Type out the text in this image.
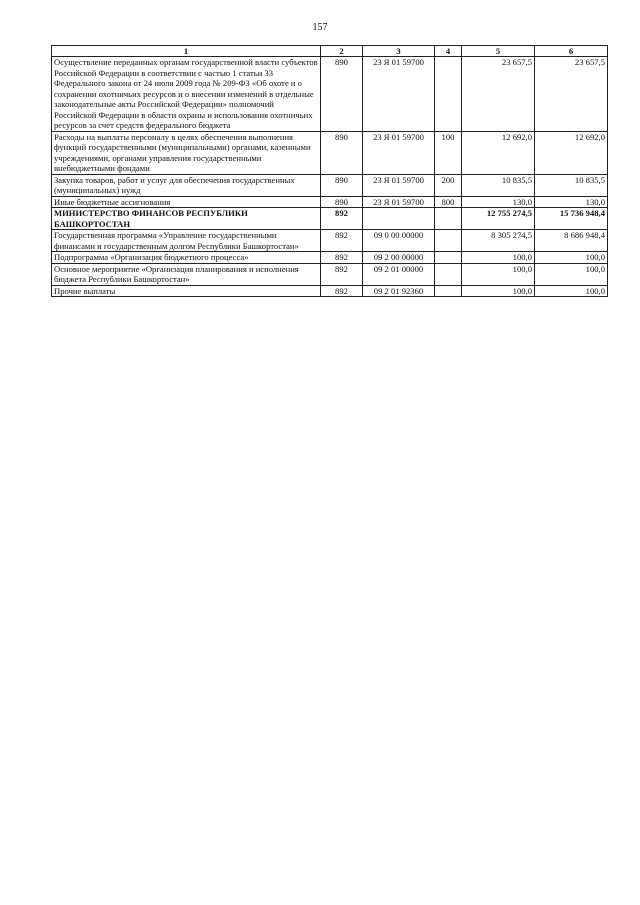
157
1	2	3	4	5	6
Осуществление переданных органам государственной власти субъектов Российской Федерации в соответствии с частью 1 статьи 33 Федерального закона от 24 июля 2009 года № 209-ФЗ «Об охоте и о сохранении охотничьих ресурсов и о внесении изменений в отдельные законодательные акты Российской Федерации» полномочий Российской Федерации в области охраны и использования охотничьих ресурсов за счет средств федерального бюджета	890	23 Я 01 59700		23 657,5	23 657,5
Расходы на выплаты персоналу в целях обеспечения выполнения функций государственными (муниципальными) органами, казенными учреждениями, органами управления государственными внебюджетными фондами	890	23 Я 01 59700	100	12 692,0	12 692,0
Закупка товаров, работ и услуг для обеспечения государственных (муниципальных) нужд	890	23 Я 01 59700	200	10 835,5	10 835,5
Иные бюджетные ассигнования	890	23 Я 01 59700	800	130,0	130,0
МИНИСТЕРСТВО ФИНАНСОВ РЕСПУБЛИКИ БАШКОРТОСТАН	892			12 755 274,5	15 736 948,4
Государственная программа «Управление государственными финансами и государственным долгом Республики Башкортостан»	892	09 0 00 00000		8 305 274,5	8 686 948,4
Подпрограмма «Организация бюджетного процесса»	892	09 2 00 00000		100,0	100,0
Основное мероприятие «Организация планирования и исполнения бюджета Республики Башкортостан»	892	09 2 01 00000		100,0	100,0
Прочие выплаты	892	09 2 01 92360		100,0	100,0
